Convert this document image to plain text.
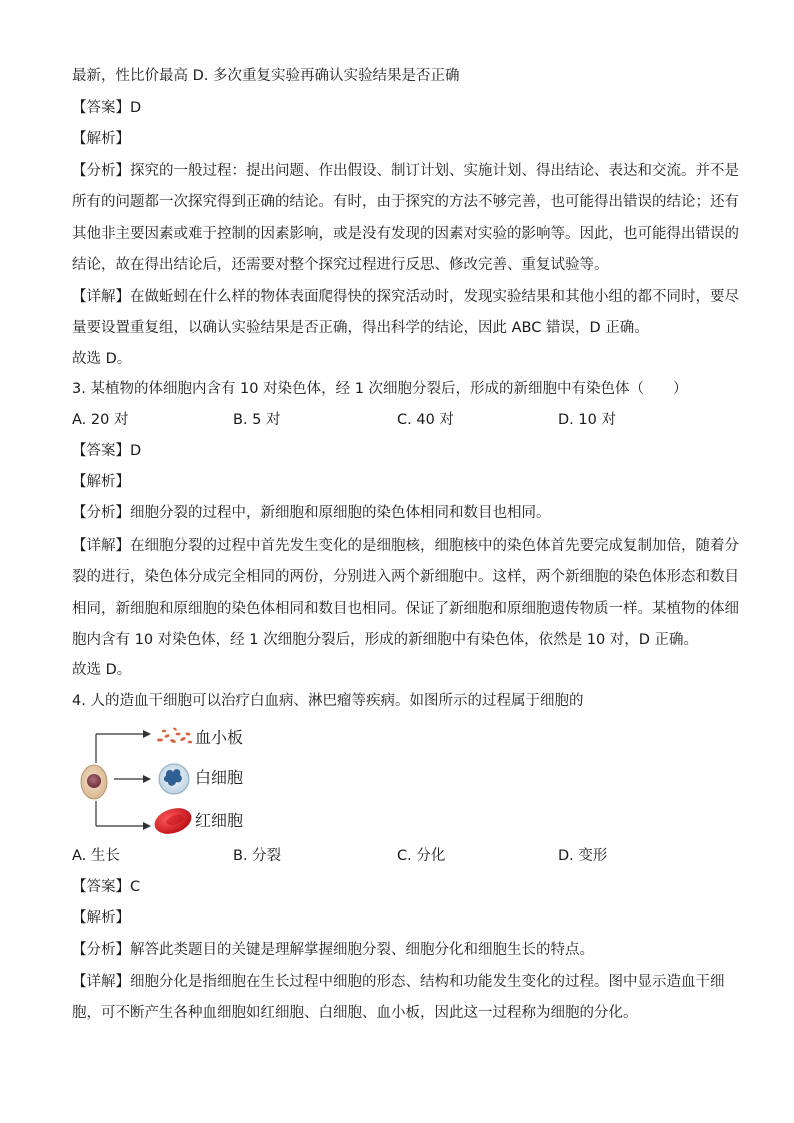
最新，性比价最高 D. 多次重复实验再确认实验结果是否正确
【答案】D
【解析】
【分析】探究的一般过程：提出问题、作出假设、制订计划、实施计划、得出结论、表达和交流。并不是
所有的问题都一次探究得到正确的结论。有时，由于探究的方法不够完善，也可能得出错误的结论；还有
其他非主要因素或难于控制的因素影响，或是没有发现的因素对实验的影响等。因此，也可能得出错误的
结论，故在得出结论后，还需要对整个探究过程进行反思、修改完善、重复试验等。
【详解】在做蚯蚓在什么样的物体表面爬得快的探究活动时，发现实验结果和其他小组的都不同时，要尽
量要设置重复组，以确认实验结果是否正确，得出科学的结论，因此 ABC 错误，D 正确。
故选 D。
3. 某植物的体细胞内含有 10 对染色体，经 1 次细胞分裂后，形成的新细胞中有染色体（　　）
A. 20 对	B. 5 对	C. 40 对	D. 10 对
【答案】D
【解析】
【分析】细胞分裂的过程中，新细胞和原细胞的染色体相同和数目也相同。
【详解】在细胞分裂的过程中首先发生变化的是细胞核，细胞核中的染色体首先要完成复制加倍，随着分
裂的进行，染色体分成完全相同的两份，分别进入两个新细胞中。这样，两个新细胞的染色体形态和数目
相同，新细胞和原细胞的染色体相同和数目也相同。保证了新细胞和原细胞遗传物质一样。某植物的体细
胞内含有 10 对染色体，经 1 次细胞分裂后，形成的新细胞中有染色体，依然是 10 对，D 正确。
故选 D。
4. 人的造血干细胞可以治疗白血病、淋巴瘤等疾病。如图所示的过程属于细胞的
血小板
白细胞
红细胞
A. 生长	B. 分裂	C. 分化	D. 变形
【答案】C
【解析】
【分析】解答此类题目的关键是理解掌握细胞分裂、细胞分化和细胞生长的特点。
【详解】细胞分化是指细胞在生长过程中细胞的形态、结构和功能发生变化的过程。图中显示造血干细
胞，可不断产生各种血细胞如红细胞、白细胞、血小板，因此这一过程称为细胞的分化。
